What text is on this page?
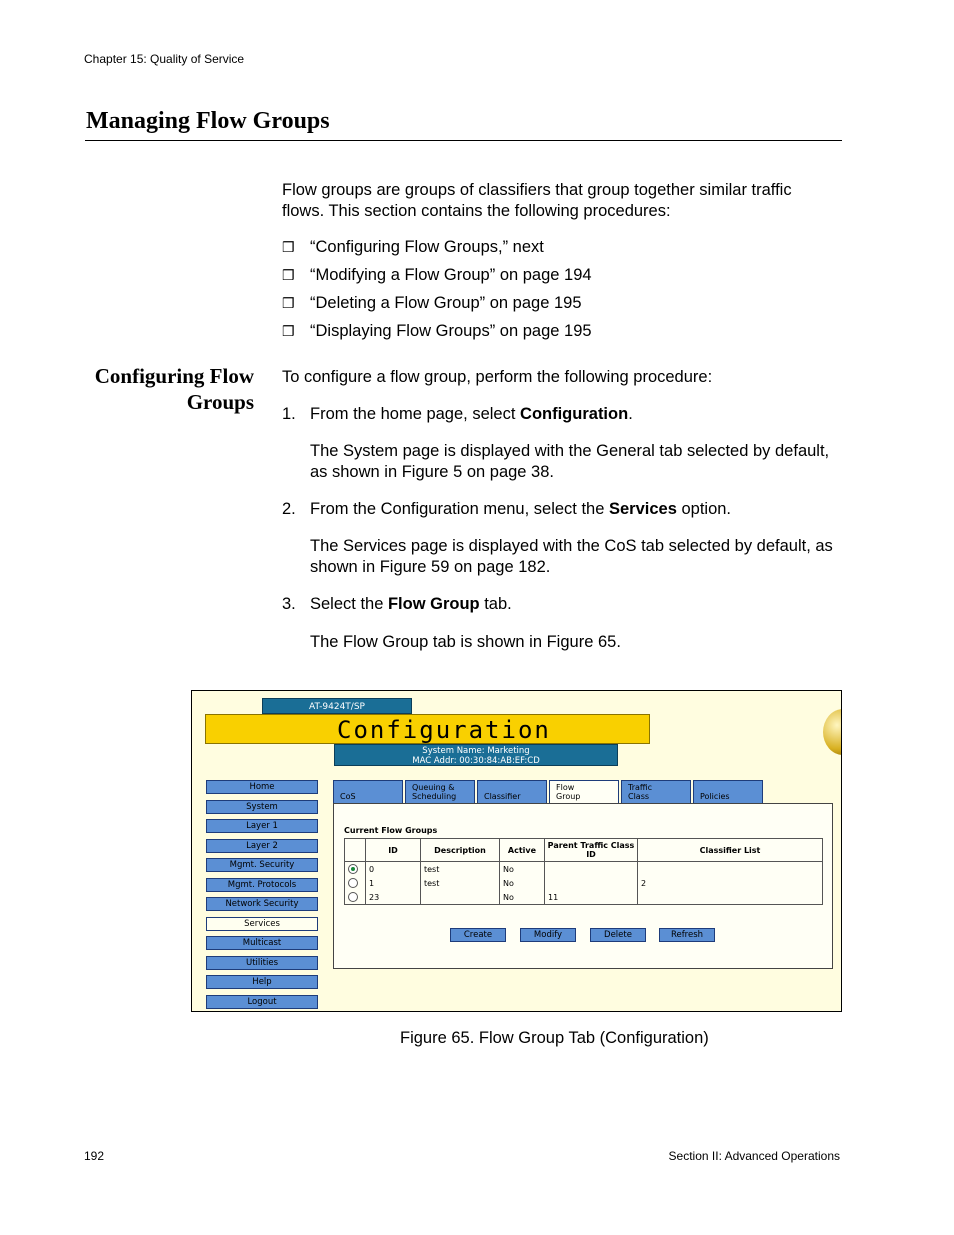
Chapter 15: Quality of Service
Managing Flow Groups
Flow groups are groups of classifiers that group together similar traffic flows. This section contains the following procedures:
❒ “Configuring Flow Groups,” next
❒ “Modifying a Flow Group” on page 194
❒ “Deleting a Flow Group” on page 195
❒ “Displaying Flow Groups” on page 195
Configuring Flow
Groups
To configure a flow group, perform the following procedure:
1. From the home page, select Configuration.
The System page is displayed with the General tab selected by default, as shown in Figure 5 on page 38.
2. From the Configuration menu, select the Services option.
The Services page is displayed with the CoS tab selected by default, as shown in Figure 59 on page 182.
3. Select the Flow Group tab.
The Flow Group tab is shown in Figure 65.
AT-9424T/SP
Configuration
System Name: Marketing
MAC Addr: 00:30:84:AB:EF:CD
Home
System
Layer 1
Layer 2
Mgmt. Security
Mgmt. Protocols
Network Security
Services
Multicast
Utilities
Help
Logout
CoS
Queuing &
Scheduling	Classifier
Flow
Group
Traffic
Class	Policies
Current Flow Groups
	ID	Description	Active	Parent Traffic Class ID	Classifier List
	0	test	No		
	1	test	No		2
	23		No	11	
Create	Modify	Delete	Refresh
Figure 65. Flow Group Tab (Configuration)
192	Section II: Advanced Operations
